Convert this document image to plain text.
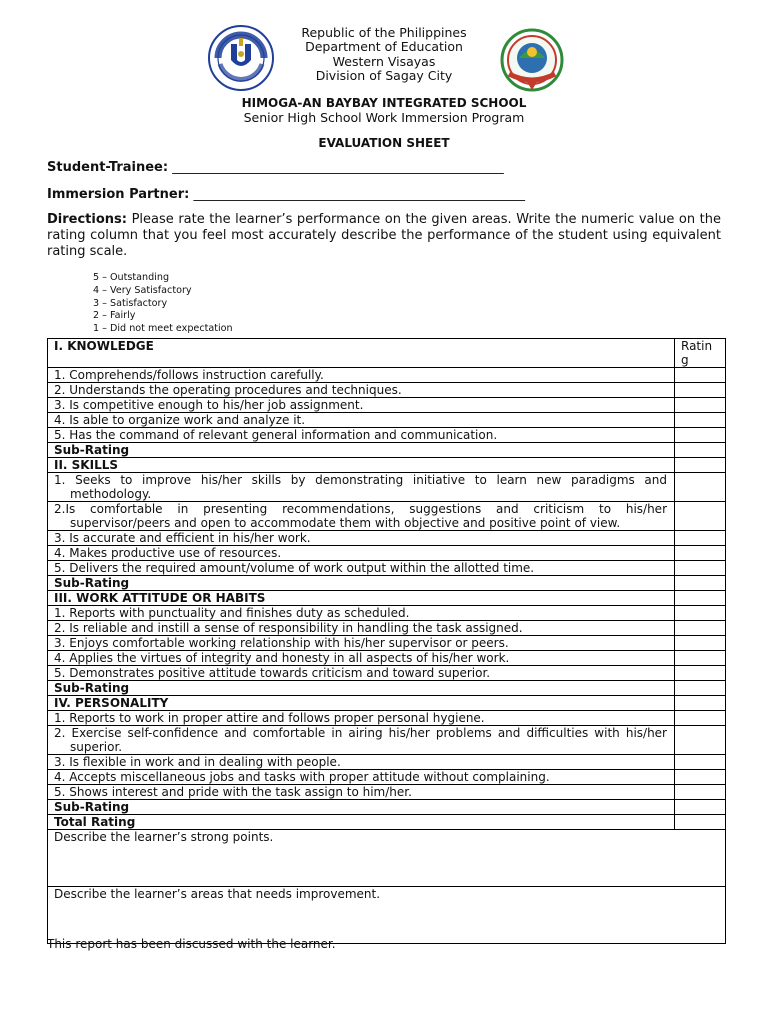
Republic of the Philippines
Department of Education
Western Visayas
Division of Sagay City
HIMOGA-AN BAYBAY INTEGRATED SCHOOL
Senior High School Work Immersion Program
EVALUATION SHEET
Student-Trainee: ___________________________________________________
Immersion Partner: ___________________________________________________
Directions: Please rate the learner’s performance on the given areas. Write the numeric value on the rating column that you feel most accurately describe the performance of the student using equivalent rating scale.
5 – Outstanding
4 – Very Satisfactory
3 – Satisfactory
2 – Fairly
1 – Did not meet expectation
I. KNOWLEDGE	Ratin g
1. Comprehends/follows instruction carefully.	
2. Understands the operating procedures and techniques.	
3. Is competitive enough to his/her job assignment.	
4. Is able to organize work and analyze it.	
5. Has the command of relevant general information and communication.	
Sub-Rating	
II. SKILLS	

1. Seeks to improve his/her skills by demonstrating initiative to learn new paradigms and methodology.	

2.Is comfortable in presenting recommendations, suggestions and criticism to his/her supervisor/peers and open to accommodate them with objective and positive point of view.	

3. Is accurate and efficient in his/her work.	
4. Makes productive use of resources.	
5. Delivers the required amount/volume of work output within the allotted time.	
Sub-Rating	
III. WORK ATTITUDE OR HABITS	
1. Reports with punctuality and finishes duty as scheduled.	
2. Is reliable and instill a sense of responsibility in handling the task assigned.	
3. Enjoys comfortable working relationship with his/her supervisor or peers.	
4. Applies the virtues of integrity and honesty in all aspects of his/her work.	
5. Demonstrates positive attitude towards criticism and toward superior.	
Sub-Rating	
IV. PERSONALITY	
1. Reports to work in proper attire and follows proper personal hygiene.	

2. Exercise self-confidence and comfortable in airing his/her problems and difficulties with his/her superior.	

3. Is flexible in work and in dealing with people.	
4. Accepts miscellaneous jobs and tasks with proper attitude without complaining.	
5. Shows interest and pride with the task assign to him/her.	
Sub-Rating	
Total Rating	
Describe the learner’s strong points.	
Describe the learner’s areas that needs improvement.	
This report has been discussed with the learner.
